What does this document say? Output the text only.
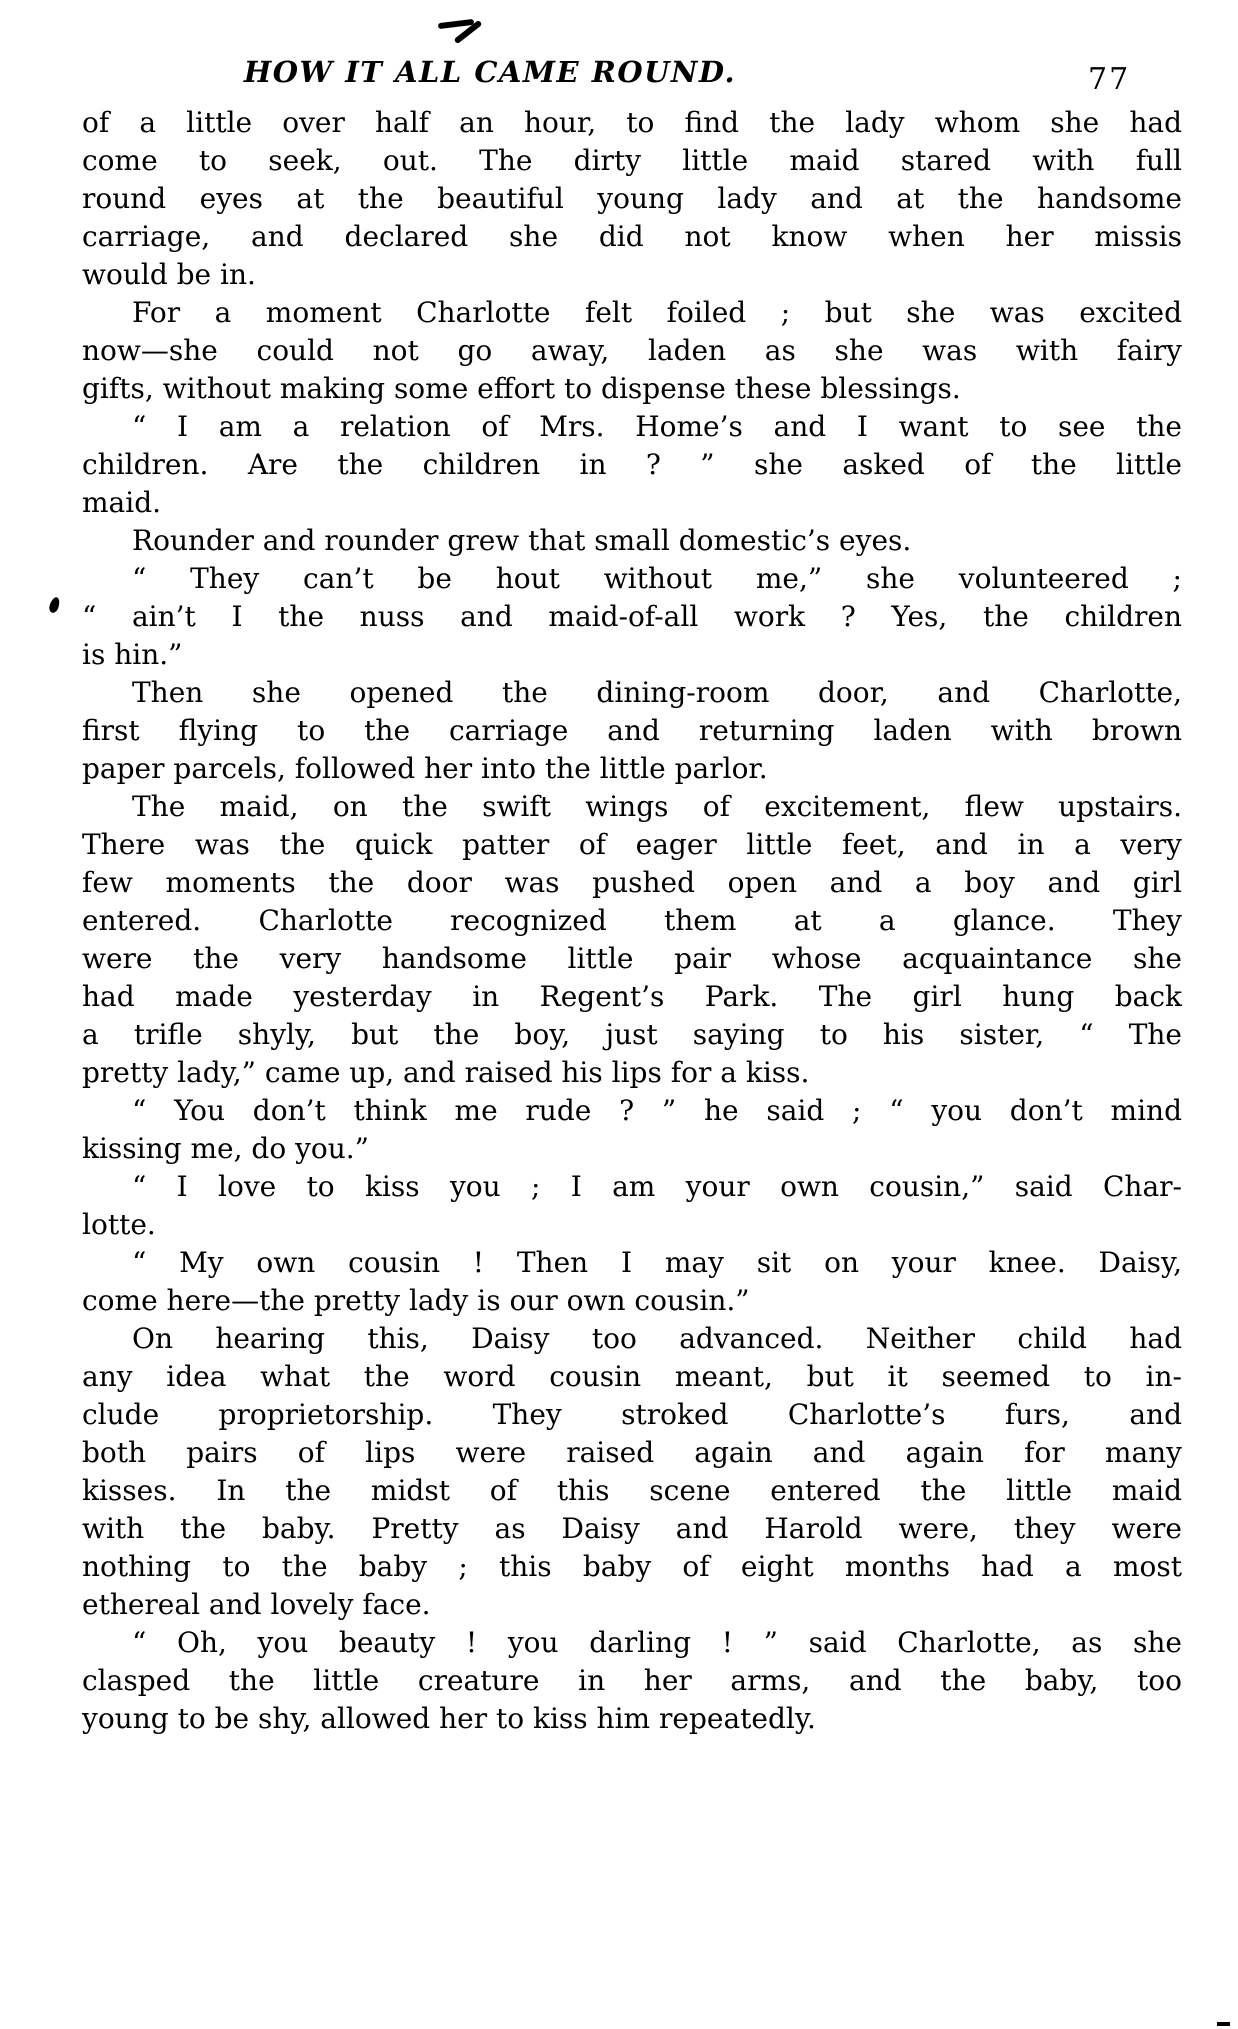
HOW IT ALL CAME ROUND.	77

of a little over half an hour, to find the lady whom she had
come to seek, out. The dirty little maid stared with full
round eyes at the beautiful young lady and at the handsome
carriage, and declared she did not know when her missis
would be in.

For a moment Charlotte felt foiled ; but she was excited
now—she could not go away, laden as she was with fairy
gifts, without making some effort to dispense these blessings.

“ I am a relation of Mrs. Home’s and I want to see the
children. Are the children in ? ” she asked of the little
maid.

Rounder and rounder grew that small domestic’s eyes.

“ They can’t be hout without me,” she volunteered ;
“ ain’t I the nuss and maid-of-all work ? Yes, the children
is hin.”

Then she opened the dining-room door, and Charlotte,
first flying to the carriage and returning laden with brown
paper parcels, followed her into the little parlor.

The maid, on the swift wings of excitement, flew upstairs.
There was the quick patter of eager little feet, and in a very
few moments the door was pushed open and a boy and girl
entered. Charlotte recognized them at a glance. They
were the very handsome little pair whose acquaintance she
had made yesterday in Regent’s Park. The girl hung back
a trifle shyly, but the boy, just saying to his sister, “ The
pretty lady,” came up, and raised his lips for a kiss.

“ You don’t think me rude ? ” he said ; “ you don’t mind
kissing me, do you.”

“ I love to kiss you ; I am your own cousin,” said Char-
lotte.

“ My own cousin ! Then I may sit on your knee. Daisy,
come here—the pretty lady is our own cousin.”

On hearing this, Daisy too advanced. Neither child had
any idea what the word cousin meant, but it seemed to in-
clude proprietorship. They stroked Charlotte’s furs, and
both pairs of lips were raised again and again for many
kisses. In the midst of this scene entered the little maid
with the baby. Pretty as Daisy and Harold were, they were
nothing to the baby ; this baby of eight months had a most
ethereal and lovely face.

“ Oh, you beauty ! you darling ! ” said Charlotte, as she
clasped the little creature in her arms, and the baby, too
young to be shy, allowed her to kiss him repeatedly.
